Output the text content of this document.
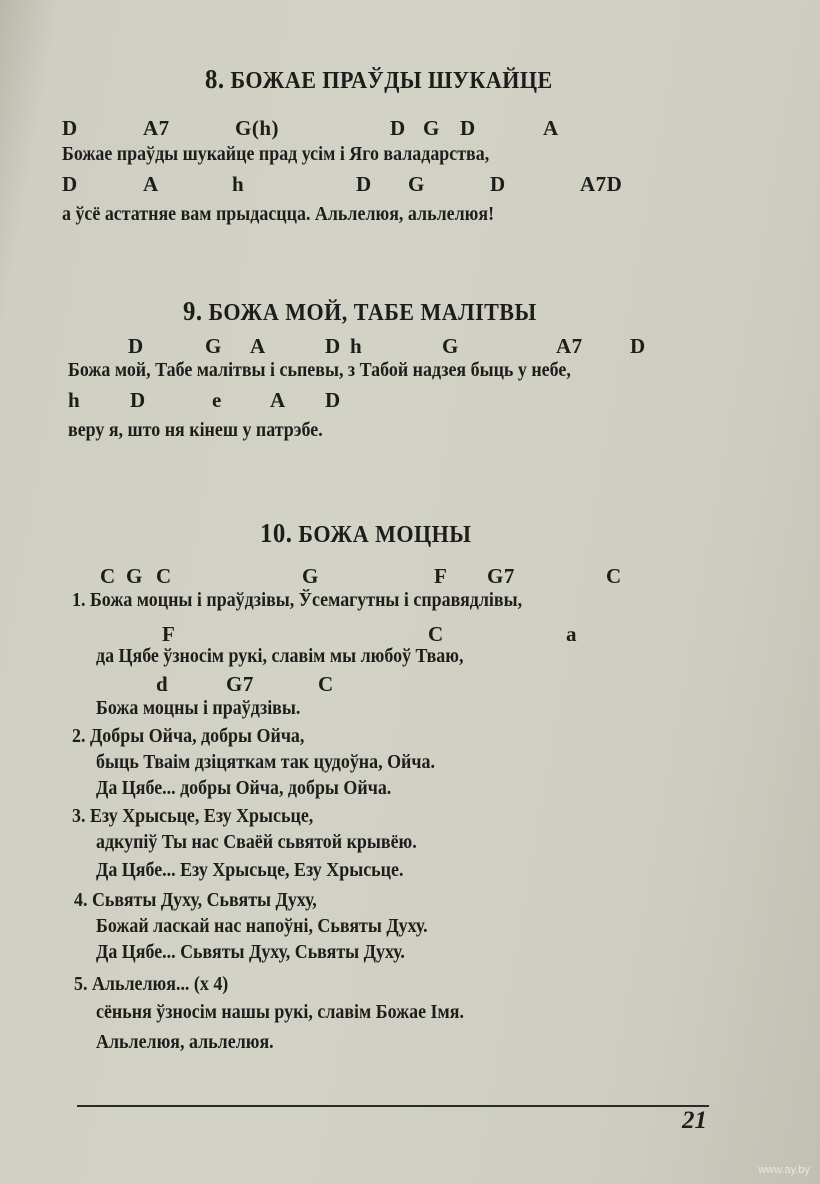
8. БОЖАЕ ПРАЎДЫ ШУКАЙЦЕ
D	A7	G(h)	D G D	A
Божае праўды шукайце прад усім і Яго валадарства,
D	A	h	D G	D	A7D
а ўсё астатняе вам прыдасцца. Альлелюя, альлелюя!
9. БОЖА МОЙ, ТАБЕ МАЛІТВЫ
D	G A	D h	G	A7 D
Божа мой, Табе малітвы і сьпевы, з Табой надзея быць у небе,
h D	e A D
веру я, што ня кінеш у патрэбе.
10. БОЖА МОЦНЫ
C G C	G	F G7	C
1. Божа моцны і праўдзівы, Ўсемагутны і справядлівы,
F	C	a
да Цябе ўзносім рукі, славім мы любоў Тваю,
d	G7	C
Божа моцны і праўдзівы.
2. Добры Ойча, добры Ойча,
быць Тваім дзіцяткам так цудоўна, Ойча.
Да Цябе... добры Ойча, добры Ойча.
3. Езу Хрысьце, Езу Хрысьце,
адкупіў Ты нас Сваёй сьвятой крывёю.
Да Цябе... Езу Хрысьце, Езу Хрысьце.
4. Сьвяты Духу, Сьвяты Духу,
Божай ласкай нас напоўні, Сьвяты Духу.
Да Цябе... Сьвяты Духу, Сьвяты Духу.
5. Альлелюя... (x 4)
сёньня ўзносім нашы рукі, славім Божае Імя.
Альлелюя, альлелюя.
21
www.ay.by
